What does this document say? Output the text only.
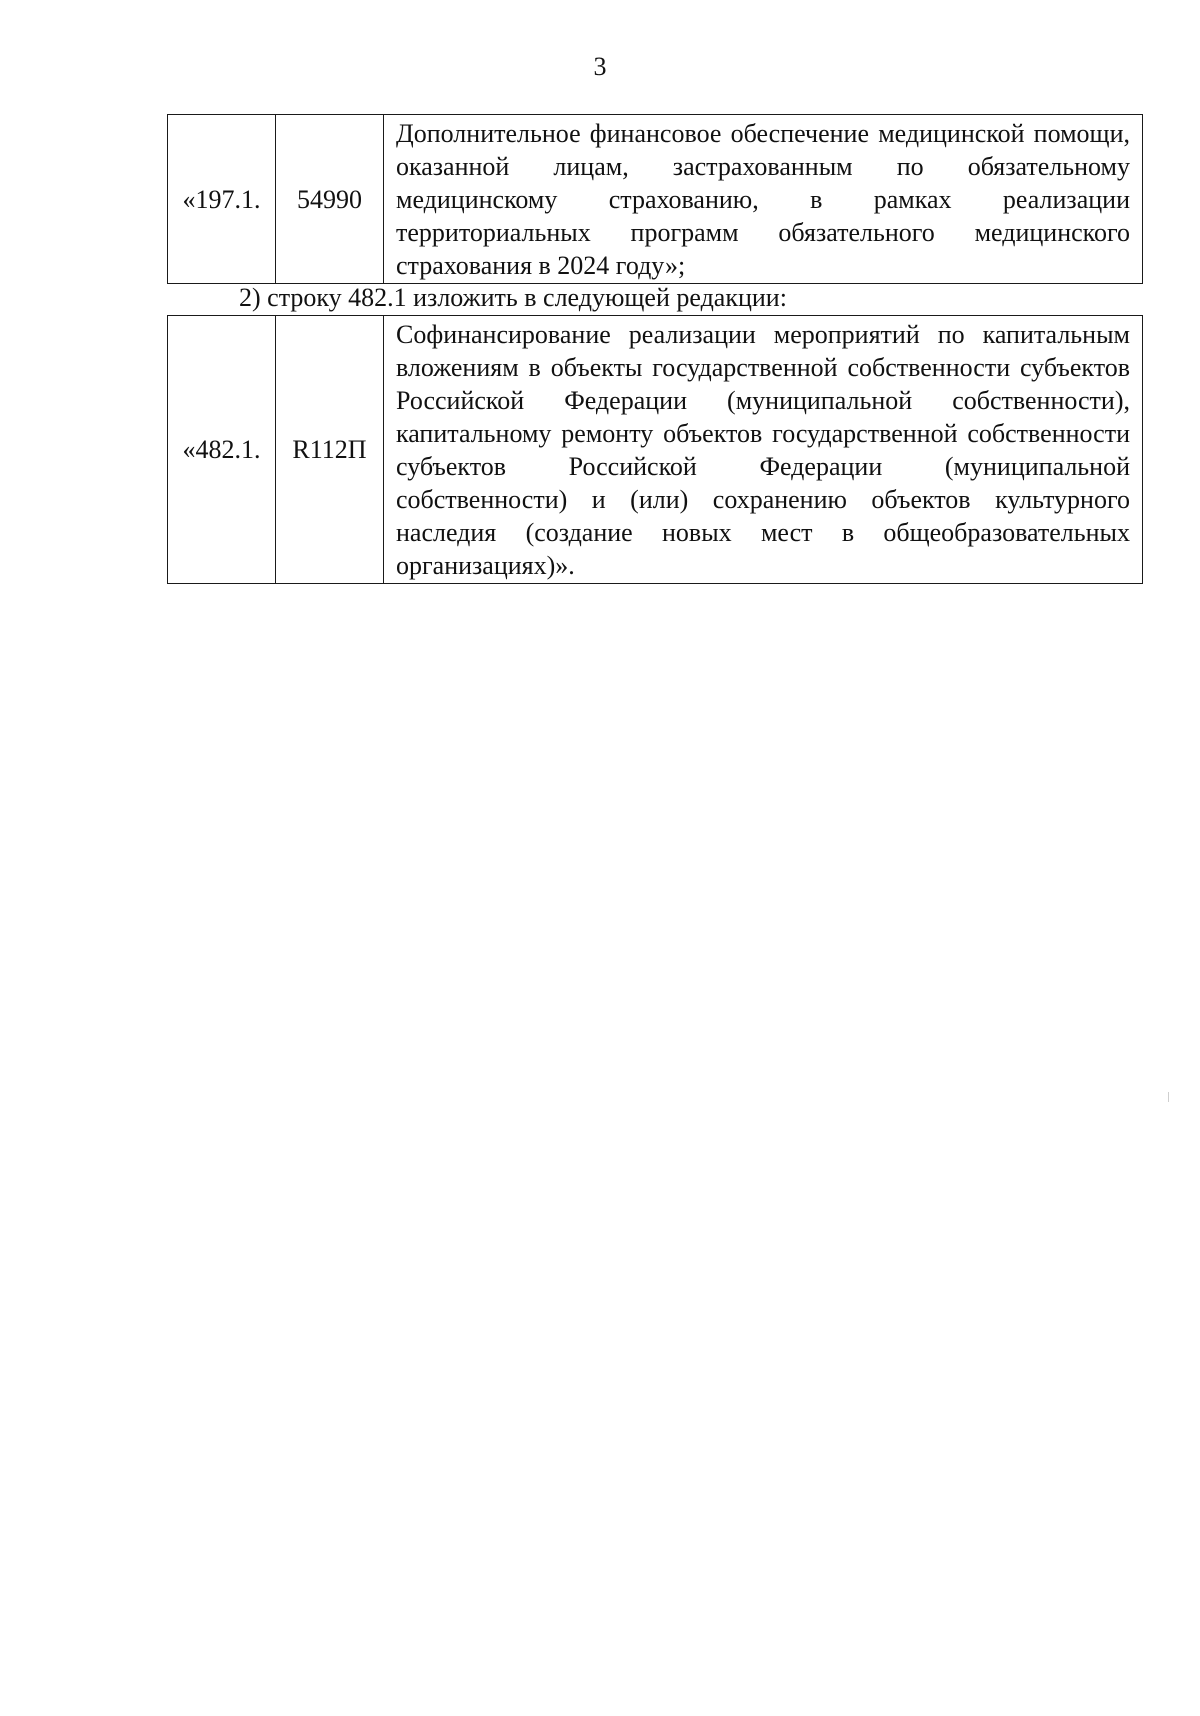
3
«197.1.	54990	Дополнительное финансовое обеспечение медицинской помощи, оказанной лицам, застрахованным по обязательному медицинскому страхованию, в рамках реализации территориальных программ обязательного медицинского страхования в 2024 году»;
2) строку 482.1 изложить в следующей редакции:
«482.1.	R112П	Софинансирование реализации мероприятий по капитальным вложениям в объекты государственной собственности субъектов Российской Федерации (муниципальной собственности), капитальному ремонту объектов государственной собственности субъектов Российской Федерации (муниципальной собственности) и (или) сохранению объектов культурного наследия (создание новых мест в общеобразовательных организациях)».
